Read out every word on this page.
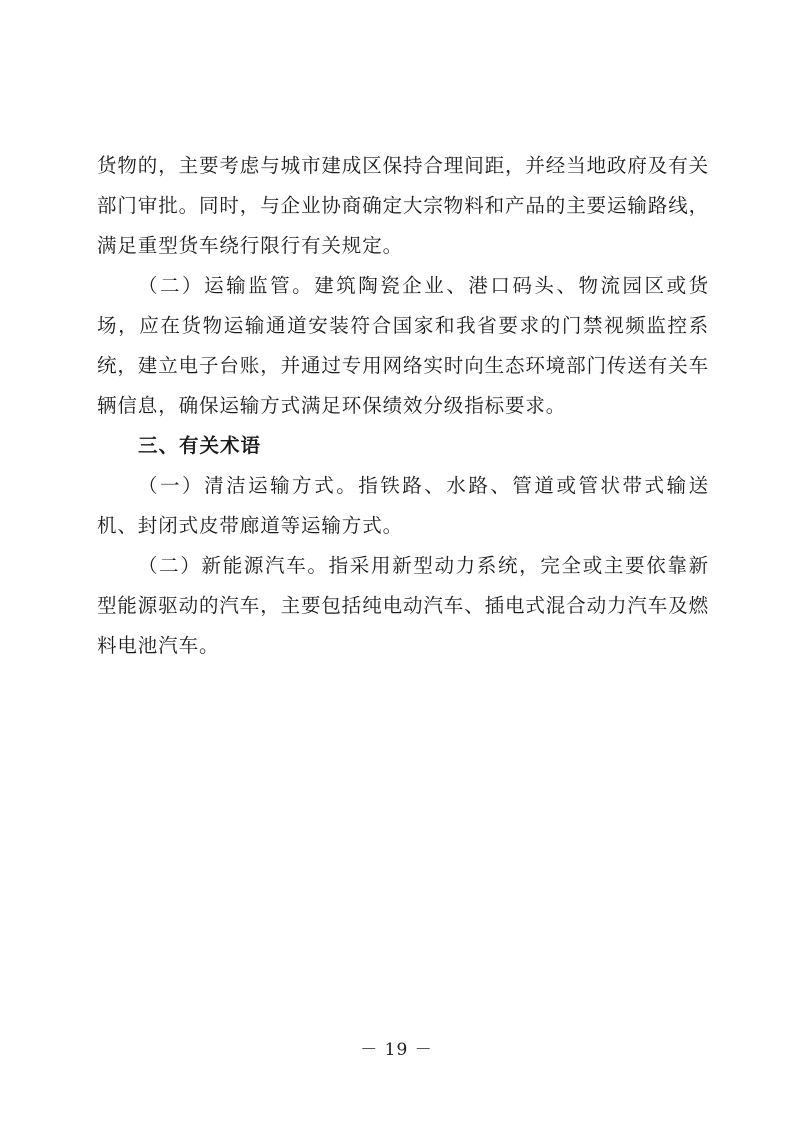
货物的，主要考虑与城市建成区保持合理间距，并经当地政府及有关部门审批。同时，与企业协商确定大宗物料和产品的主要运输路线，满足重型货车绕行限行有关规定。

（二）运输监管。建筑陶瓷企业、港口码头、物流园区或货场，应在货物运输通道安装符合国家和我省要求的门禁视频监控系统，建立电子台账，并通过专用网络实时向生态环境部门传送有关车辆信息，确保运输方式满足环保绩效分级指标要求。

三、有关术语

（一）清洁运输方式。指铁路、水路、管道或管状带式输送机、封闭式皮带廊道等运输方式。

（二）新能源汽车。指采用新型动力系统，完全或主要依靠新型能源驱动的汽车，主要包括纯电动汽车、插电式混合动力汽车及燃料电池汽车。

－ 19 －
